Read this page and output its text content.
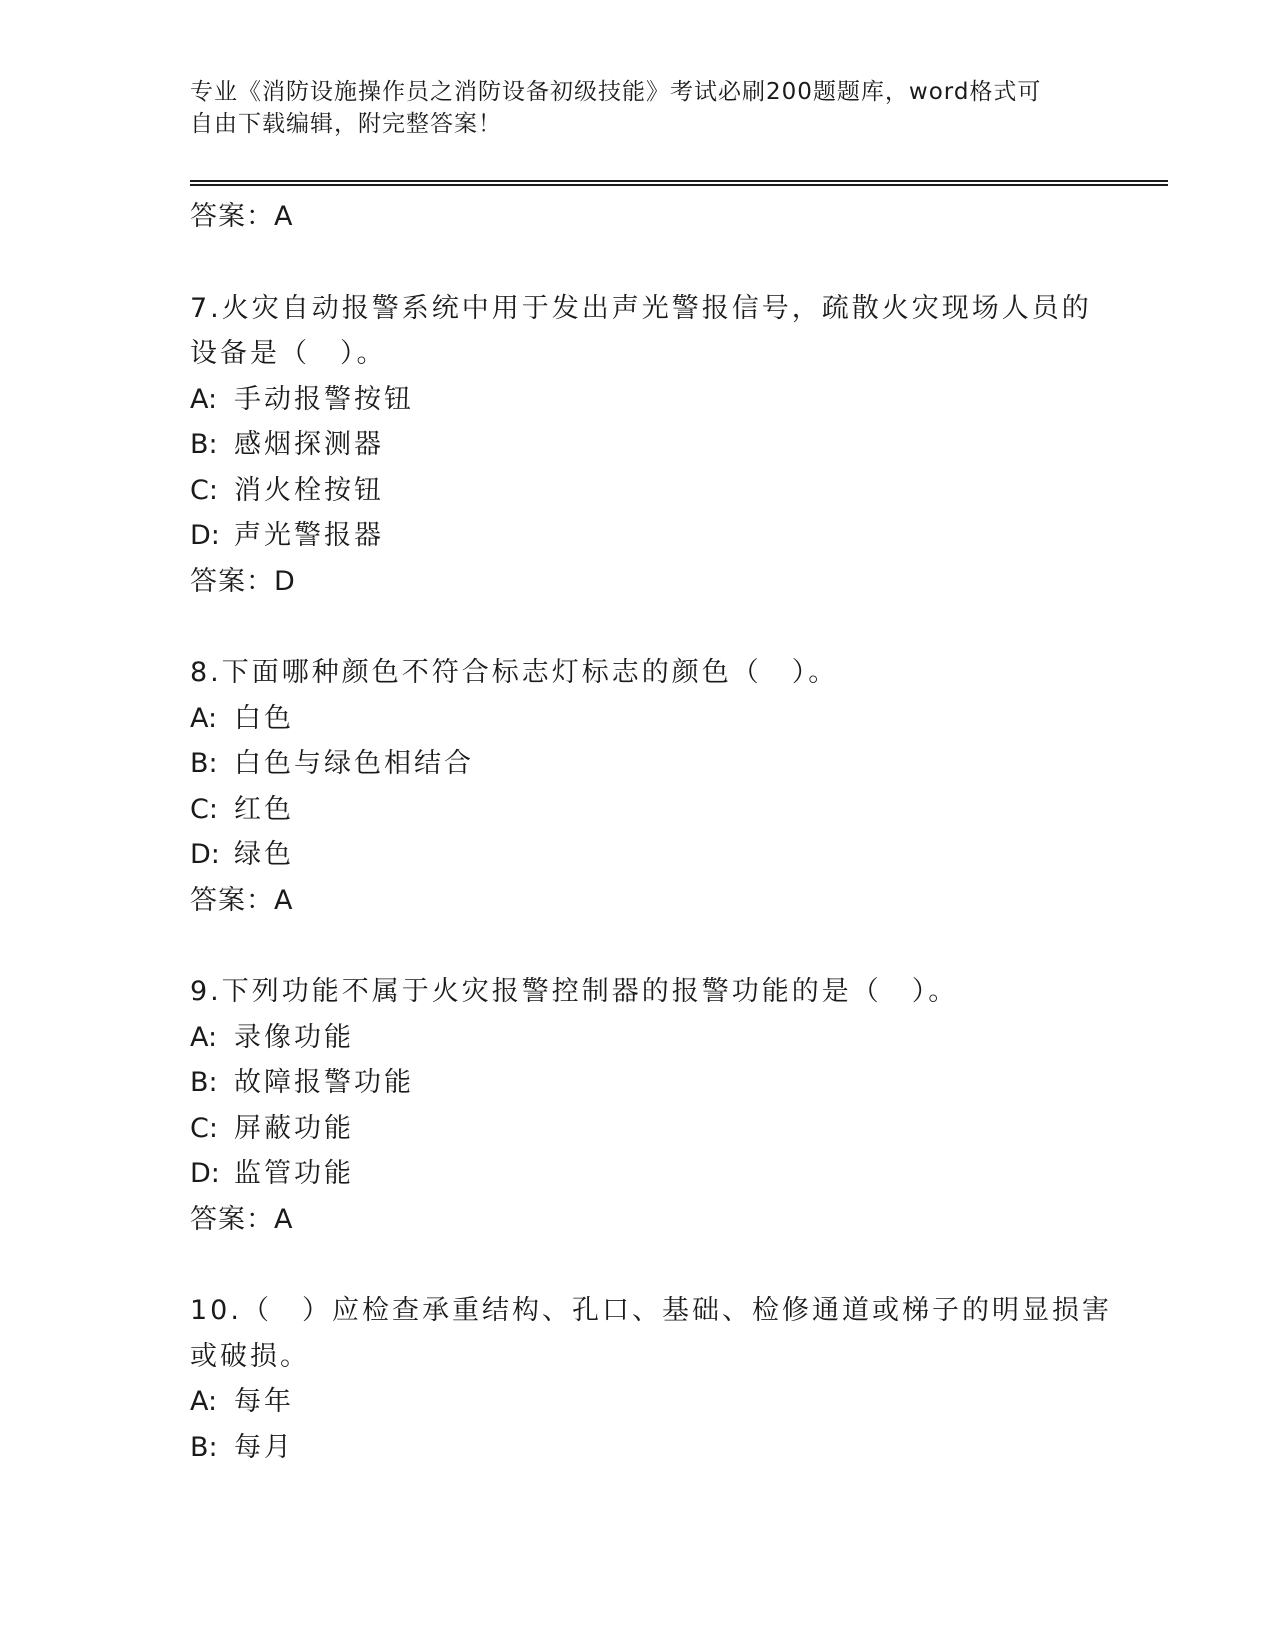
专业《消防设施操作员之消防设备初级技能》考试必刷200题题库，word格式可
自由下载编辑，附完整答案！
答案：A
7.火灾自动报警系统中用于发出声光警报信号，疏散火灾现场人员的
设备是（　）。
A: 手动报警按钮
B: 感烟探测器
C: 消火栓按钮
D: 声光警报器
答案：D
8.下面哪种颜色不符合标志灯标志的颜色（　）。
A: 白色
B: 白色与绿色相结合
C: 红色
D: 绿色
答案：A
9.下列功能不属于火灾报警控制器的报警功能的是（　）。
A: 录像功能
B: 故障报警功能
C: 屏蔽功能
D: 监管功能
答案：A
10.（　）应检查承重结构、孔口、基础、检修通道或梯子的明显损害
或破损。
A: 每年
B: 每月
